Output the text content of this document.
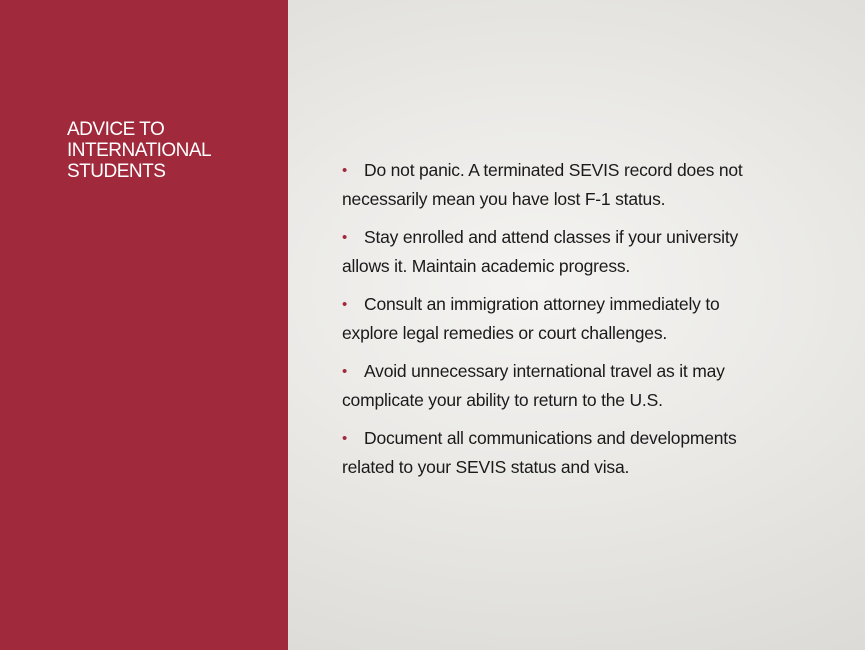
ADVICE TO
INTERNATIONAL
STUDENTS	• Do not panic. A terminated SEVIS record does not necessarily mean you have lost F-1 status.
• Stay enrolled and attend classes if your university allows it. Maintain academic progress.
• Consult an immigration attorney immediately to explore legal remedies or court challenges.
• Avoid unnecessary international travel as it may complicate your ability to return to the U.S.
• Document all communications and developments related to your SEVIS status and visa.
